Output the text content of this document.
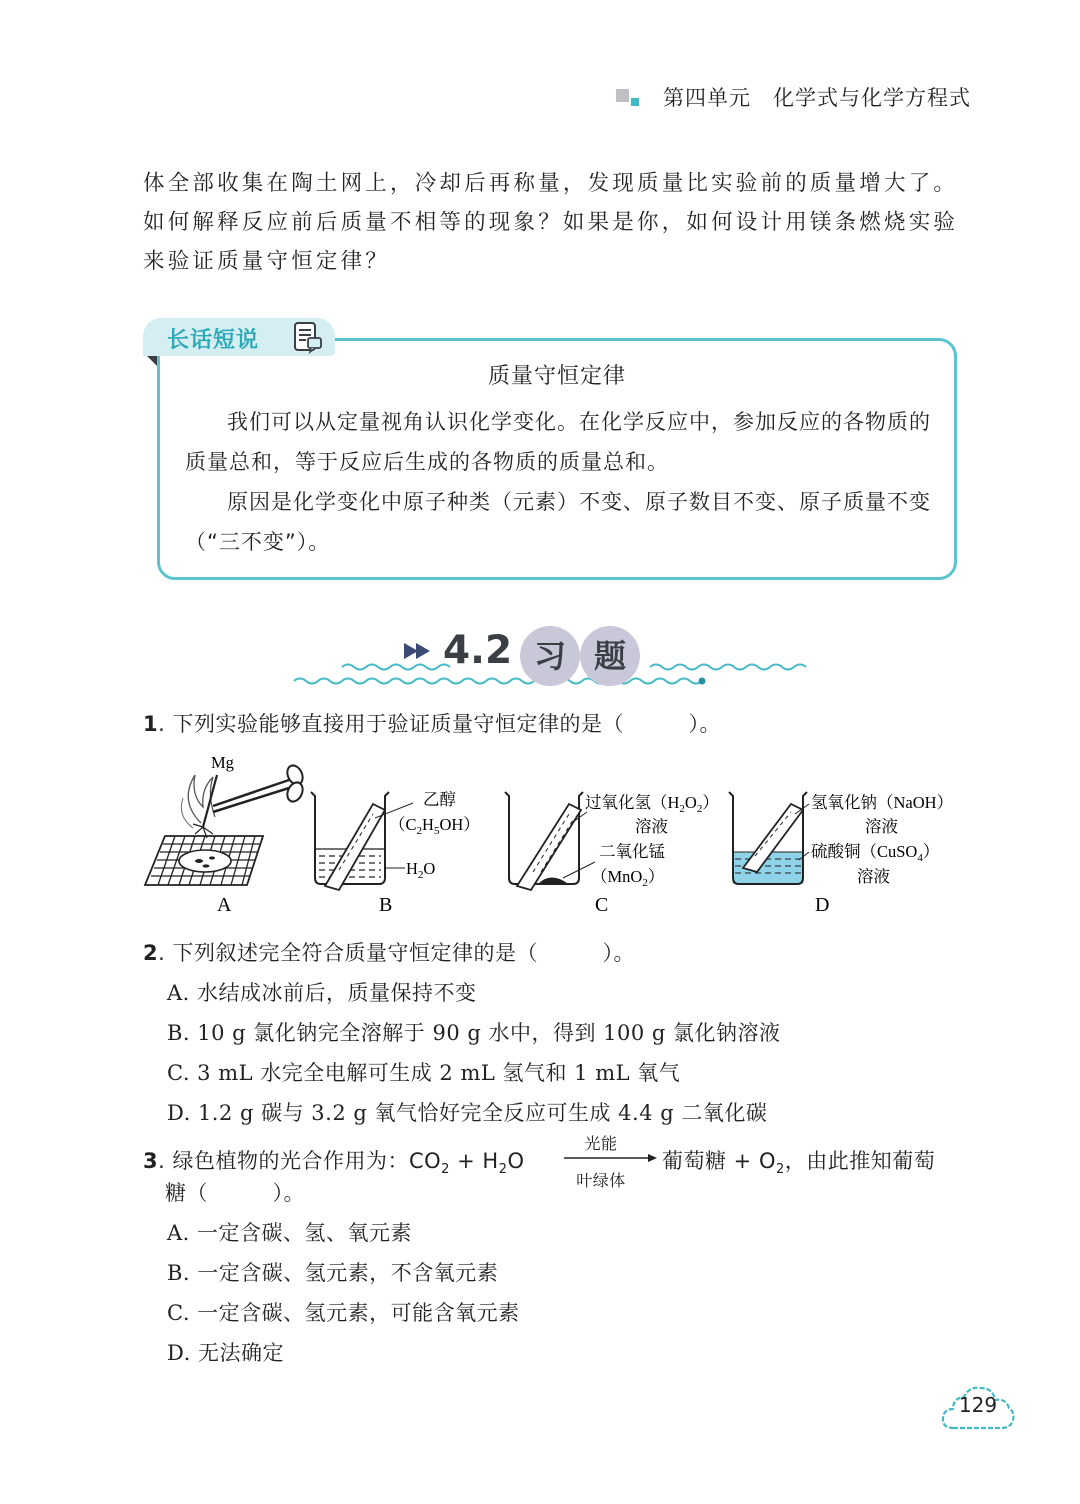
第四单元 化学式与化学方程式
体全部收集在陶土网上，冷却后再称量，发现质量比实验前的质量增大了。如何解释反应前后质量不相等的现象？如果是你，如何设计用镁条燃烧实验来验证质量守恒定律？
长话短说
质量守恒定律

我们可以从定量视角认识化学变化。在化学反应中，参加反应的各物质的质量总和，等于反应后生成的各物质的质量总和。

原因是化学变化中原子种类（元素）不变、原子数目不变、原子质量不变（“三不变”）。

4.2 习 题
1. 下列实验能够直接用于验证质量守恒定律的是（　　　）。
Mg
乙醇
$(C_2H_5OH)$
$H_2O$
过氧化氢$(H_2O_2)$
溶液
二氧化锰
（MnO$_2$）
氢氧化钠（NaOH）
溶液
硫酸铜（CuSO$_4$）
溶液
A	B	C	D
2. 下列叙述完全符合质量守恒定律的是（　　　）。
A. 水结成冰前后，质量保持不变
B. 10 g 氯化钠完全溶解于 90 g 水中，得到 100 g 氯化钠溶液
C. 3 mL 水完全电解可生成 2 mL 氢气和 1 mL 氧气
D. 1.2 g 碳与 3.2 g 氧气恰好完全反应可生成 4.4 g 二氧化碳
3. 绿色植物的光合作用为：$CO_2 + H_2O$
光能
叶绿体
葡萄糖 + $O_2$，由此推知葡萄
糖（　　　）。
A. 一定含碳、氢、氧元素
B. 一定含碳、氢元素，不含氧元素
C. 一定含碳、氢元素，可能含氧元素
D. 无法确定
129
